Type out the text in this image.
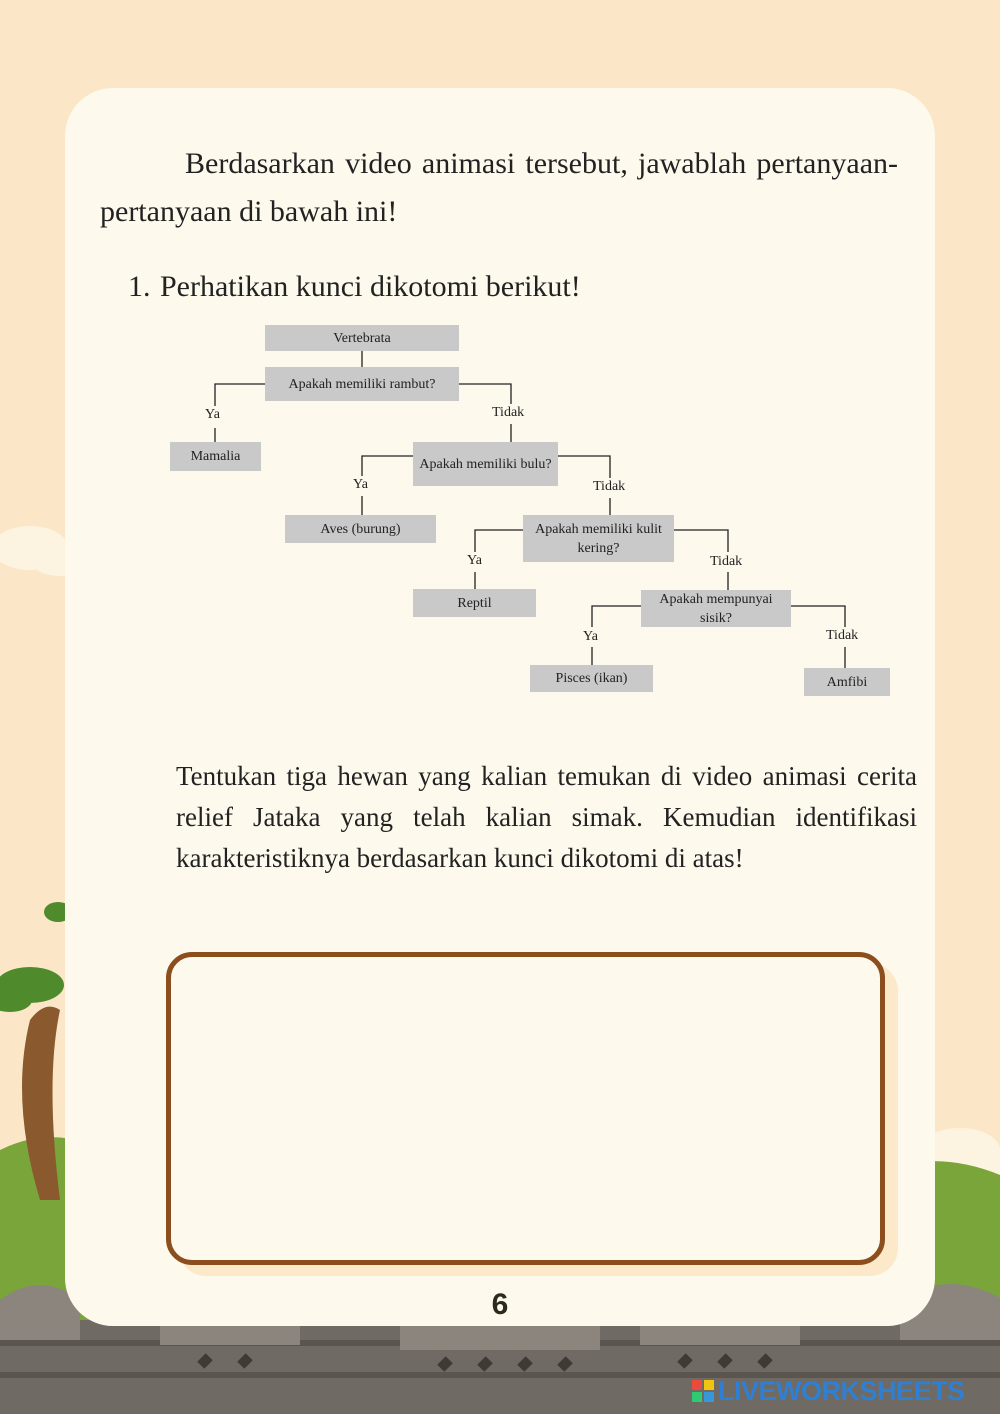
Berdasarkan video animasi tersebut, jawablah pertanyaan-pertanyaan di bawah ini!
1. Perhatikan kunci dikotomi berikut!
Vertebrata
Apakah memiliki rambut?
Ya	Tidak
Mamalia	Apakah memiliki bulu?
Ya	Tidak
Aves (burung)	Apakah memiliki kulit kering?
Ya	Tidak
Reptil	Apakah mempunyai sisik?
Ya	Tidak
Pisces (ikan)	Amfibi
Tentukan tiga hewan yang kalian temukan di video animasi cerita relief Jataka yang telah kalian simak. Kemudian identifikasi karakteristiknya berdasarkan kunci dikotomi di atas!
6
LIVEWORKSHEETS
